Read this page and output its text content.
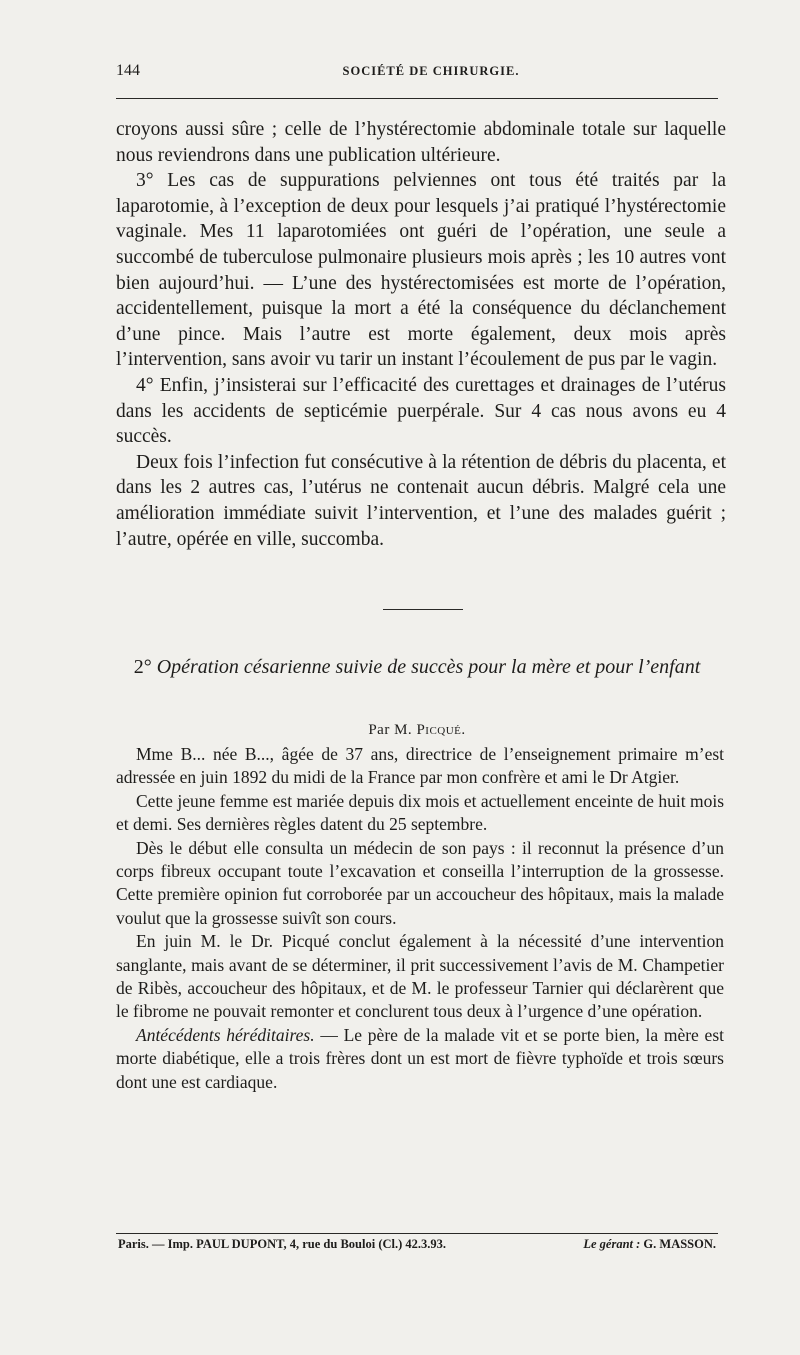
144	SOCIÉTÉ DE CHIRURGIE.

croyons aussi sûre ; celle de l’hystérectomie abdominale totale sur laquelle nous reviendrons dans une publication ultérieure.

3° Les cas de suppurations pelviennes ont tous été traités par la laparotomie, à l’exception de deux pour lesquels j’ai pratiqué l’hystérectomie vaginale. Mes 11 laparotomiées ont guéri de l’opération, une seule a succombé de tuberculose pulmonaire plusieurs mois après ; les 10 autres vont bien aujourd’hui. — L’une des hystérectomisées est morte de l’opération, accidentellement, puisque la mort a été la conséquence du déclanchement d’une pince. Mais l’autre est morte également, deux mois après l’intervention, sans avoir vu tarir un instant l’écoulement de pus par le vagin.

4° Enfin, j’insisterai sur l’efficacité des curettages et drainages de l’utérus dans les accidents de septicémie puerpérale. Sur 4 cas nous avons eu 4 succès.

Deux fois l’infection fut consécutive à la rétention de débris du placenta, et dans les 2 autres cas, l’utérus ne contenait aucun débris. Malgré cela une amélioration immédiate suivit l’intervention, et l’une des malades guérit ; l’autre, opérée en ville, succomba.

2° Opération césarienne suivie de succès pour la mère et pour l’enfant
Par M. Picqué.

Mme B... née B..., âgée de 37 ans, directrice de l’enseignement primaire m’est adressée en juin 1892 du midi de la France par mon confrère et ami le Dr Atgier.

Cette jeune femme est mariée depuis dix mois et actuellement enceinte de huit mois et demi. Ses dernières règles datent du 25 septembre.

Dès le début elle consulta un médecin de son pays : il reconnut la présence d’un corps fibreux occupant toute l’excavation et conseilla l’interruption de la grossesse. Cette première opinion fut corroborée par un accoucheur des hôpitaux, mais la malade voulut que la grossesse suivît son cours.

En juin M. le Dr. Picqué conclut également à la nécessité d’une intervention sanglante, mais avant de se déterminer, il prit successivement l’avis de M. Champetier de Ribès, accoucheur des hôpitaux, et de M. le professeur Tarnier qui déclarèrent que le fibrome ne pouvait remonter et conclurent tous deux à l’urgence d’une opération.

Antécédents héréditaires. — Le père de la malade vit et se porte bien, la mère est morte diabétique, elle a trois frères dont un est mort de fièvre typhoïde et trois sœurs dont une est cardiaque.

Paris. — Imp. PAUL DUPONT, 4, rue du Bouloi (Cl.) 42.3.93.	Le gérant : G. MASSON.
